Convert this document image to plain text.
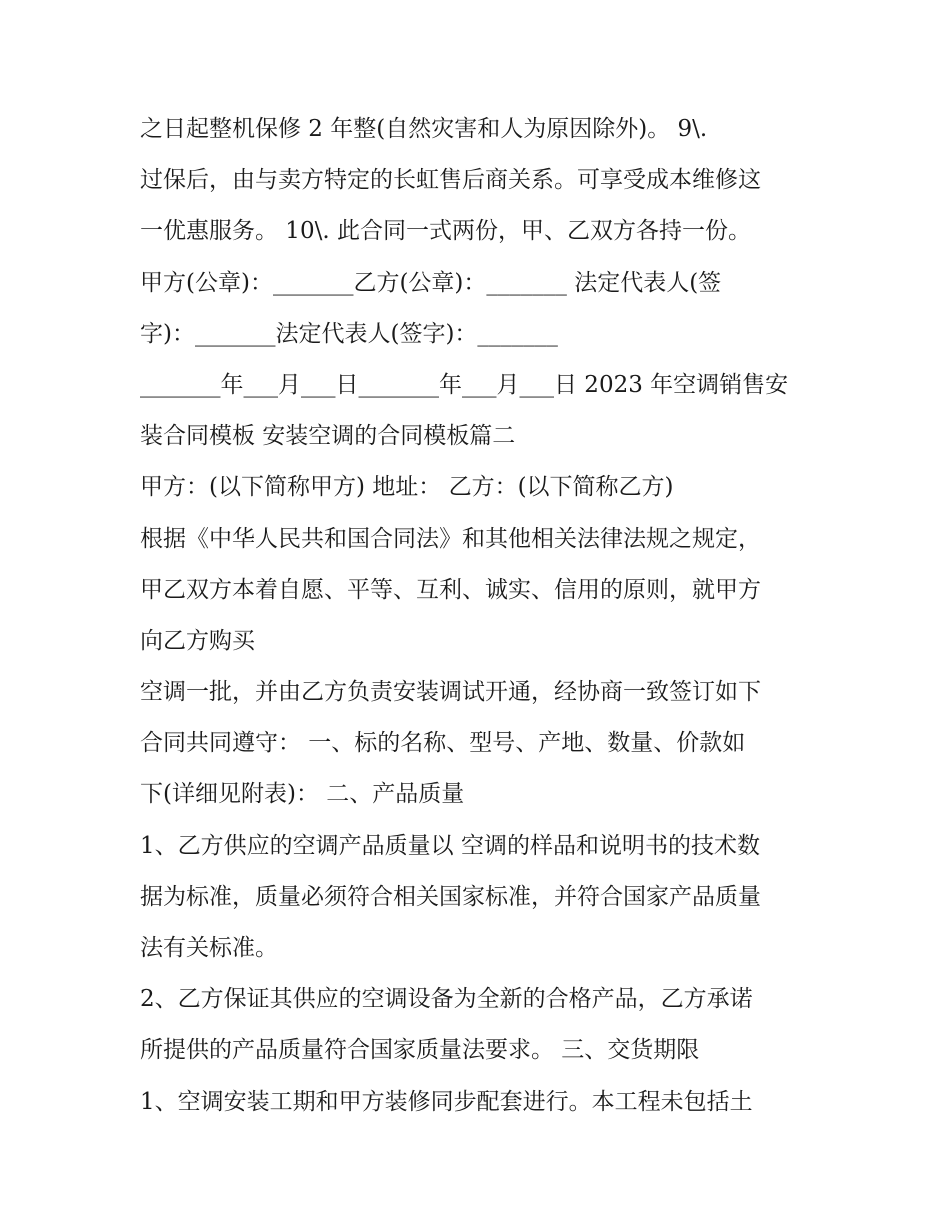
之日起整机保修 2 年整(自然灾害和人为原因除外)。 9\.
过保后，由与卖方特定的长虹售后商关系。可享受成本维修这
一优惠服务。 10\. 此合同一式两份，甲、乙双方各持一份。
甲方(公章)：_______乙方(公章)：_______ 法定代表人(签
字)：_______法定代表人(签字)：_______
_______年___月___日_______年___月___日 2023 年空调销售安
装合同模板 安装空调的合同模板篇二
甲方：(以下简称甲方) 地址： 乙方：(以下简称乙方)
根据《中华人民共和国合同法》和其他相关法律法规之规定，
甲乙双方本着自愿、平等、互利、诚实、信用的原则，就甲方
向乙方购买
空调一批，并由乙方负责安装调试开通，经协商一致签订如下
合同共同遵守： 一、标的名称、型号、产地、数量、价款如
下(详细见附表)： 二、产品质量
1、乙方供应的空调产品质量以 空调的样品和说明书的技术数
据为标准，质量必须符合相关国家标准，并符合国家产品质量
法有关标准。
2、乙方保证其供应的空调设备为全新的合格产品，乙方承诺
所提供的产品质量符合国家质量法要求。 三、交货期限
1、空调安装工期和甲方装修同步配套进行。本工程未包括土
